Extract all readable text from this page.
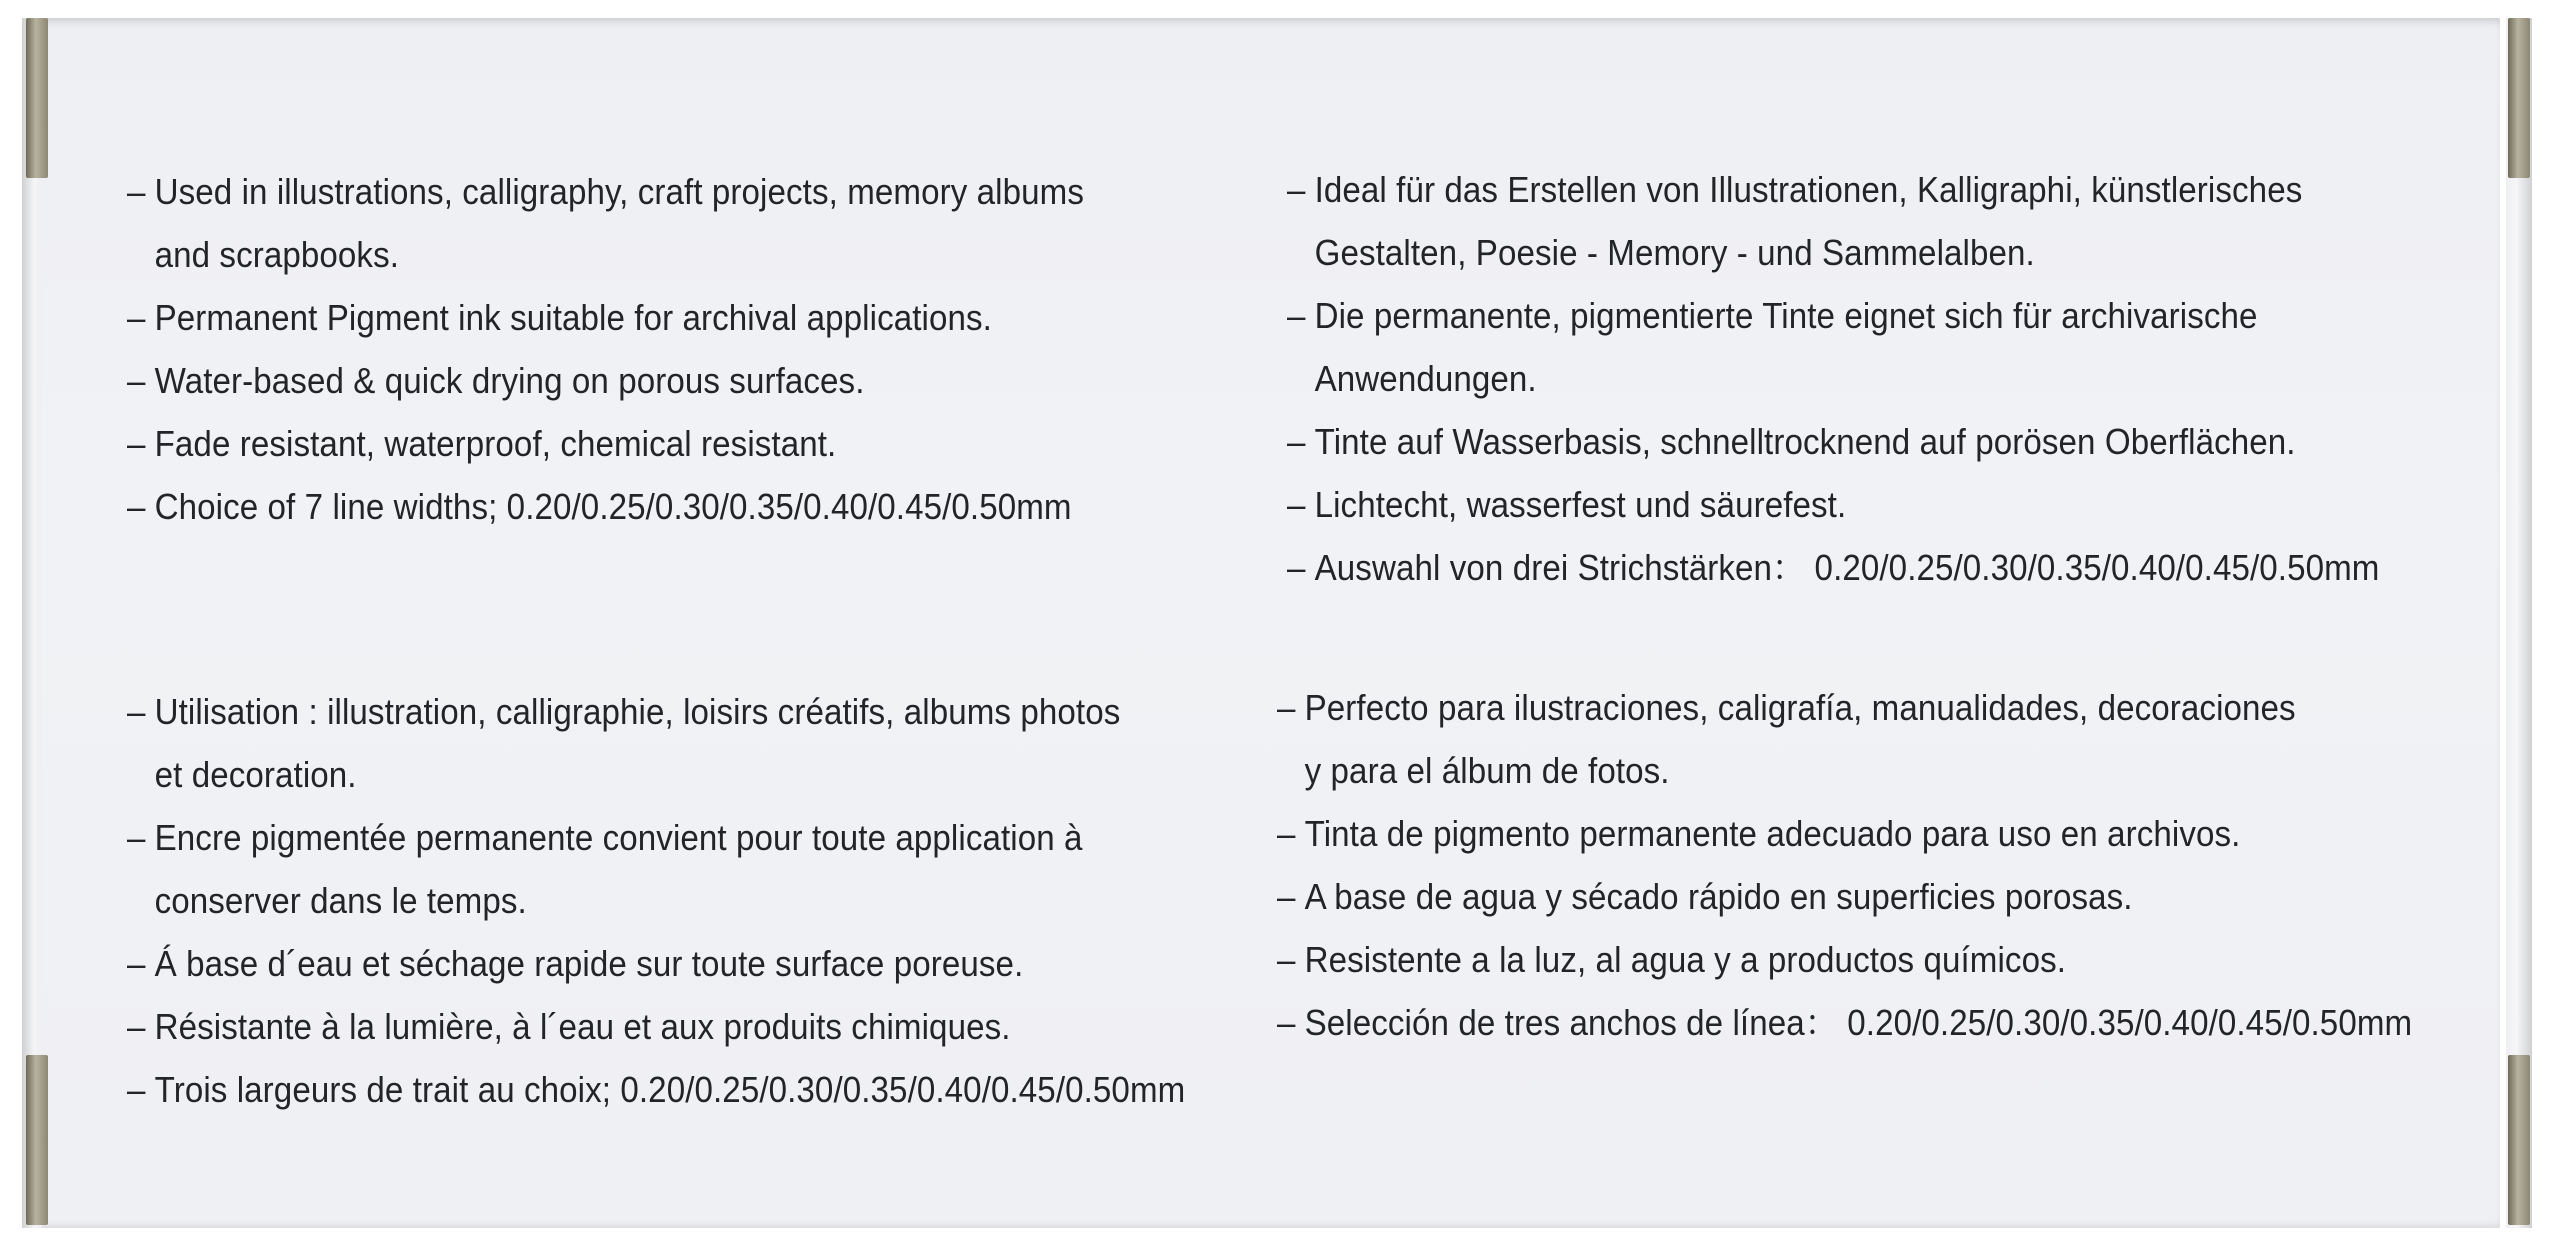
– Used in illustrations, calligraphy, craft projects, memory albums
and scrapbooks.
– Permanent Pigment ink suitable for archival applications.
– Water-based & quick drying on porous surfaces.
– Fade resistant, waterproof, chemical resistant.
– Choice of 7 line widths; 0.20/0.25/0.30/0.35/0.40/0.45/0.50mm
– Ideal für das Erstellen von Illustrationen, Kalligraphi, künstlerisches
Gestalten, Poesie - Memory - und Sammelalben.
– Die permanente, pigmentierte Tinte eignet sich für archivarische
Anwendungen.
– Tinte auf Wasserbasis, schnelltrocknend auf porösen Oberflächen.
– Lichtecht, wasserfest und säurefest.
– Auswahl von drei Strichstärken： 0.20/0.25/0.30/0.35/0.40/0.45/0.50mm
– Utilisation : illustration, calligraphie, loisirs créatifs, albums photos
et decoration.
– Encre pigmentée permanente convient pour toute application à
conserver dans le temps.
– Á base d´eau et séchage rapide sur toute surface poreuse.
– Résistante à la lumière, à l´eau et aux produits chimiques.
– Trois largeurs de trait au choix; 0.20/0.25/0.30/0.35/0.40/0.45/0.50mm
– Perfecto para ilustraciones, caligrafía, manualidades, decoraciones
y para el álbum de fotos.
– Tinta de pigmento permanente adecuado para uso en archivos.
– A base de agua y sécado rápido en superficies porosas.
– Resistente a la luz, al agua y a productos químicos.
– Selección de tres anchos de línea： 0.20/0.25/0.30/0.35/0.40/0.45/0.50mm
